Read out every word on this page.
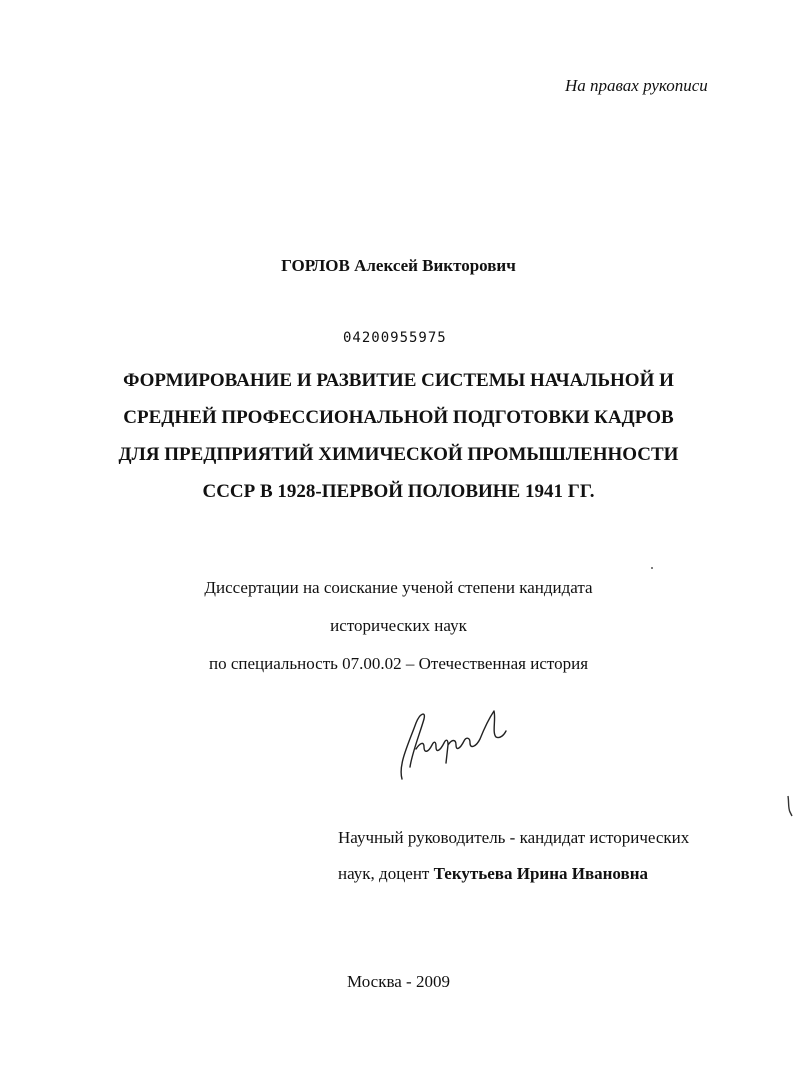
На правах рукописи
ГОРЛОВ Алексей Викторович
04200955975
ФОРМИРОВАНИЕ И РАЗВИТИЕ СИСТЕМЫ НАЧАЛЬНОЙ И
СРЕДНЕЙ ПРОФЕССИОНАЛЬНОЙ ПОДГОТОВКИ КАДРОВ
ДЛЯ ПРЕДПРИЯТИЙ ХИМИЧЕСКОЙ ПРОМЫШЛЕННОСТИ
СССР В 1928-ПЕРВОЙ ПОЛОВИНЕ 1941 ГГ.
Диссертации на соискание ученой степени кандидата
исторических наук
по специальность 07.00.02 – Отечественная история
Научный руководитель - кандидат исторических
наук, доцент Текутьева Ирина Ивановна
Москва - 2009
